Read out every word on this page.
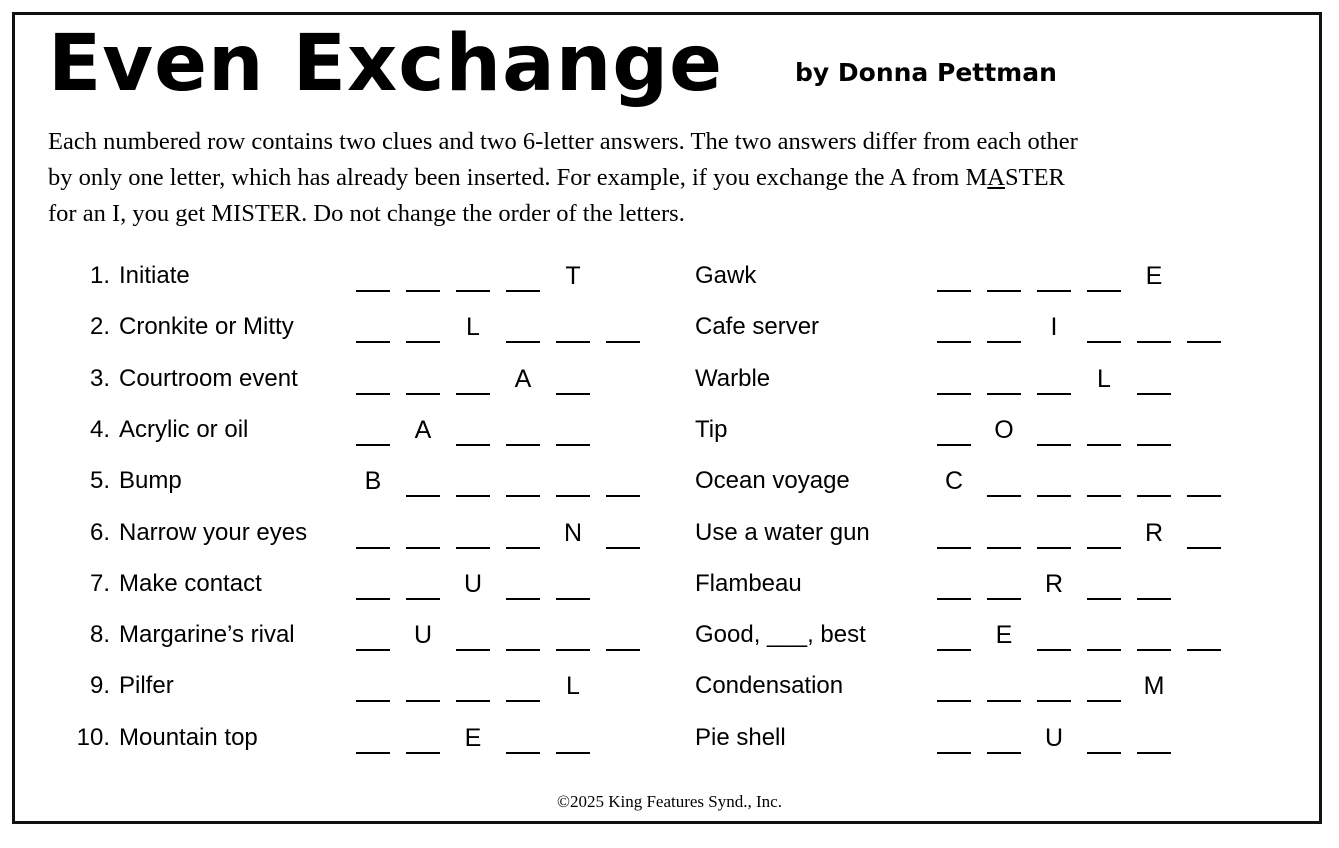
Even Exchange	by Donna Pettman
Each numbered row contains two clues and two 6-letter answers. The two answers differ from each other
by only one letter, which has already been inserted. For example, if you exchange the A from MASTER
for an I, you get MISTER. Do not change the order of the letters.
1. Initiate	T	Gawk	E
2. Cronkite or Mitty	L	Cafe server	I
3. Courtroom event	A	Warble	L
4. Acrylic or oil	A	Tip	O
5. Bump	B	Ocean voyage	C
6. Narrow your eyes	N	Use a water gun	R
7. Make contact	U	Flambeau	R
8. Margarine’s rival	U	Good, ___, best	E
9. Pilfer	L	Condensation	M
10. Mountain top	E	Pie shell	U
©2025 King Features Synd., Inc.
